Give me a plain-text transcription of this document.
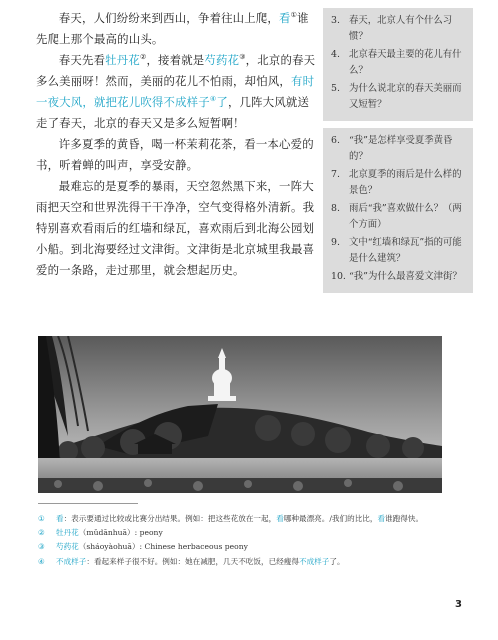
春天，人们纷纷来到西山，争着往山上爬，看①谁先爬上那个最高的山头。

春天先看牡丹花②，接着就是芍药花③，北京的春天多么美丽呀！然而，美丽的花儿不怕雨，却怕风，有时一夜大风，就把花儿吹得不成样子④了，几阵大风就送走了春天，北京的春天又是多么短暂啊！

许多夏季的黄昏，喝一杯茉莉花茶，看一本心爱的书，听着蝉的叫声，享受安静。

最难忘的是夏季的暴雨，天空忽然黑下来，一阵大雨把天空和世界洗得干干净净，空气变得格外清新。我特别喜欢看雨后的红墙和绿瓦，喜欢雨后到北海公园划小船。到北海要经过文津街。文津街是北京城里我最喜爱的一条路，走过那里，就会想起历史。

3. 春天，北京人有个什么习惯？
4. 北京春天最主要的花儿有什么？
5. 为什么说北京的春天美丽而又短暂？
6. “我”是怎样享受夏季黄昏的？
7. 北京夏季的雨后是什么样的景色？
8. 雨后“我”喜欢做什么？（两个方面）
9. 文中“红墙和绿瓦”指的可能是什么建筑？
10. “我”为什么最喜爱文津街？
①	看：表示要通过比较或比赛分出结果。例如：把这些花放在一起，看哪种最漂亮。/我们的比比，看谁跑得快。
②	牡丹花（mǔdānhuā）: peony
③	芍药花（sháoyàohuā）: Chinese herbaceous peony
④	不成样子：看起来样子很不好。例如：她在减肥，几天不吃饭，已经瘦得不成样子了。
3
